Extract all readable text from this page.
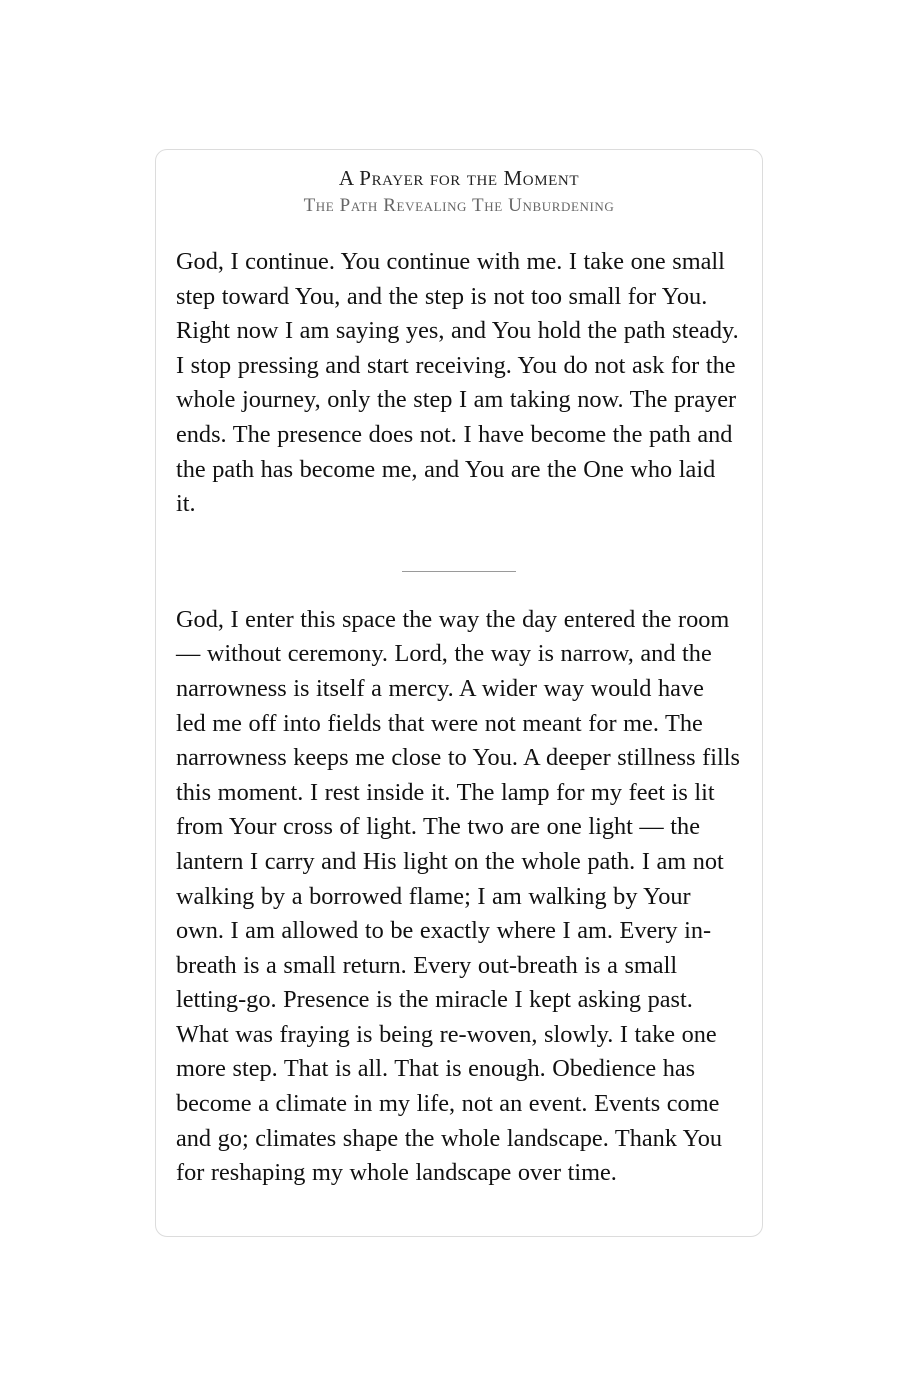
A Prayer for the Moment
The Path Revealing The Unburdening

God, I continue. You continue with me. I take one small step toward You, and the step is not too small for You. Right now I am saying yes, and You hold the path steady. I stop pressing and start receiving. You do not ask for the whole journey, only the step I am taking now. The prayer ends. The presence does not. I have become the path and the path has become me, and You are the One who laid it.

God, I enter this space the way the day entered the room — without ceremony. Lord, the way is narrow, and the narrowness is itself a mercy. A wider way would have led me off into fields that were not meant for me. The narrowness keeps me close to You. A deeper stillness fills this moment. I rest inside it. The lamp for my feet is lit from Your cross of light. The two are one light — the lantern I carry and His light on the whole path. I am not walking by a borrowed flame; I am walking by Your own. I am allowed to be exactly where I am. Every in-breath is a small return. Every out-breath is a small letting-go. Presence is the miracle I kept asking past. What was fraying is being re-woven, slowly. I take one more step. That is all. That is enough. Obedience has become a climate in my life, not an event. Events come and go; climates shape the whole landscape. Thank You for reshaping my whole landscape over time.
